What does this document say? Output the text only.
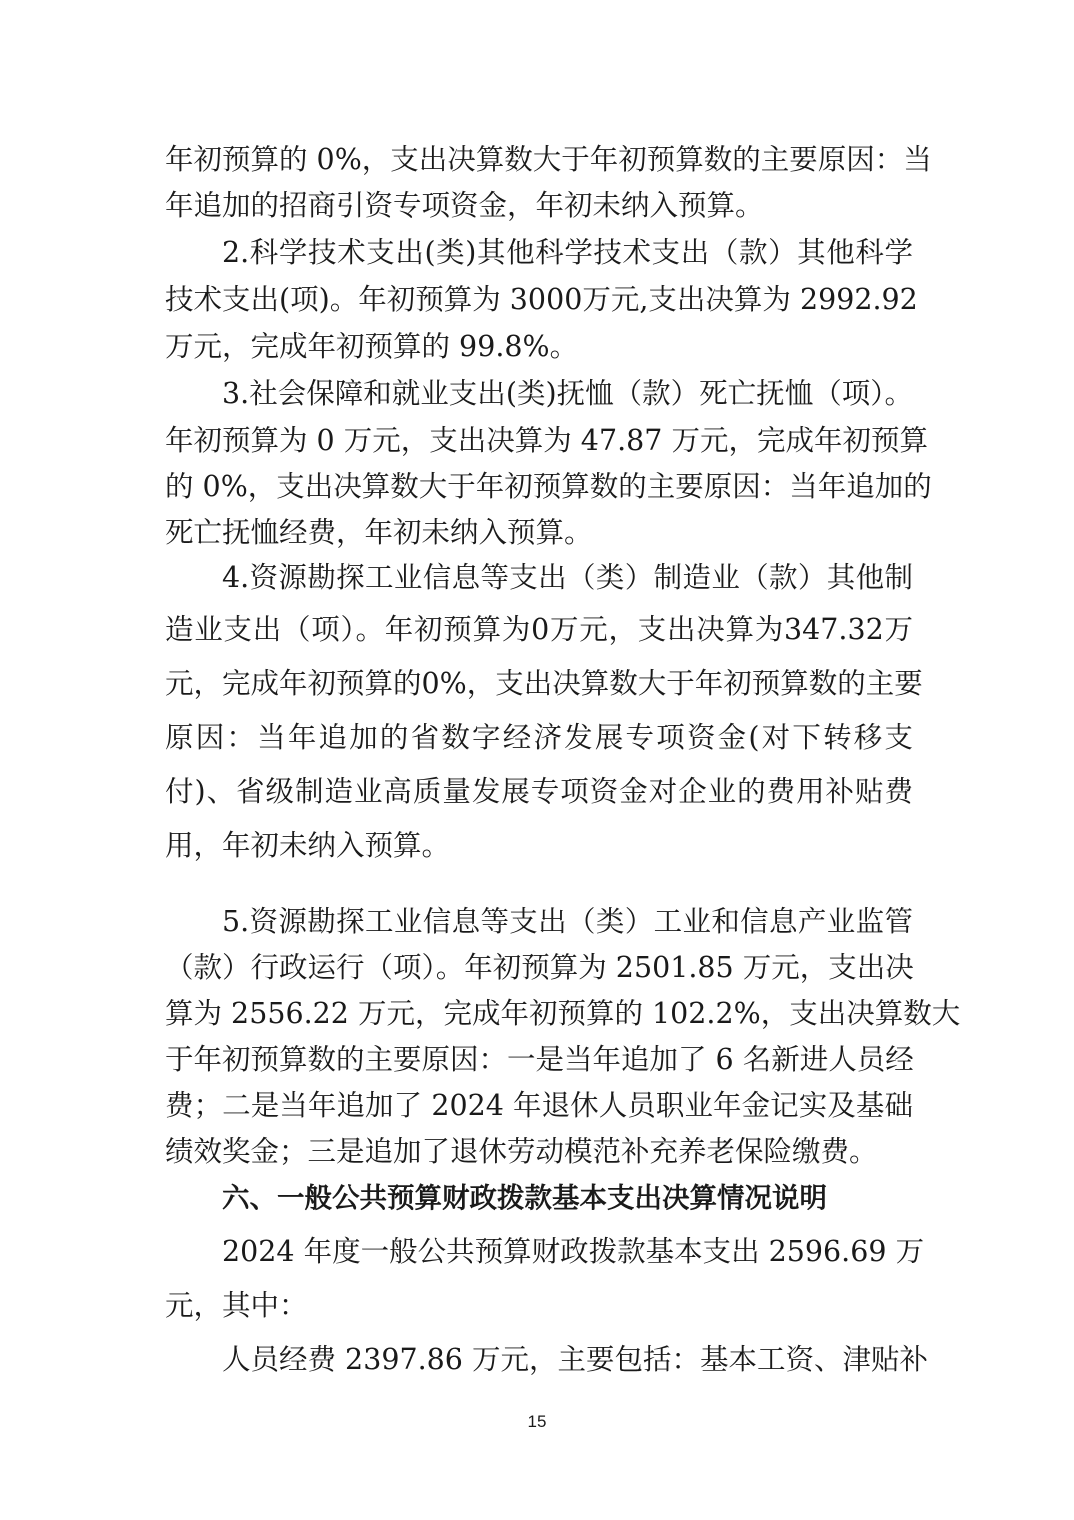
年初预算的 0%，支出决算数大于年初预算数的主要原因：当
年追加的招商引资专项资金，年初未纳入预算。
2.科学技术支出(类)其他科学技术支出（款）其他科学
技术支出(项)。年初预算为 3000万元,支出决算为 2992.92
万元，完成年初预算的 99.8%。
3.社会保障和就业支出(类)抚恤（款）死亡抚恤（项）。
年初预算为 0 万元，支出决算为 47.87 万元，完成年初预算
的 0%，支出决算数大于年初预算数的主要原因：当年追加的
死亡抚恤经费，年初未纳入预算。
4.资源勘探工业信息等支出（类）制造业（款）其他制
造业支出（项）。年初预算为0万元，支出决算为347.32万
元，完成年初预算的0%，支出决算数大于年初预算数的主要
原因：当年追加的省数字经济发展专项资金(对下转移支
付)、省级制造业高质量发展专项资金对企业的费用补贴费
用，年初未纳入预算。
5.资源勘探工业信息等支出（类）工业和信息产业监管
（款）行政运行（项）。年初预算为 2501.85 万元，支出决
算为 2556.22 万元，完成年初预算的 102.2%，支出决算数大
于年初预算数的主要原因：一是当年追加了 6 名新进人员经
费；二是当年追加了 2024 年退休人员职业年金记实及基础
绩效奖金；三是追加了退休劳动模范补充养老保险缴费。
六、一般公共预算财政拨款基本支出决算情况说明
2024 年度一般公共预算财政拨款基本支出 2596.69 万
元，其中：
人员经费 2397.86 万元，主要包括：基本工资、津贴补
15
